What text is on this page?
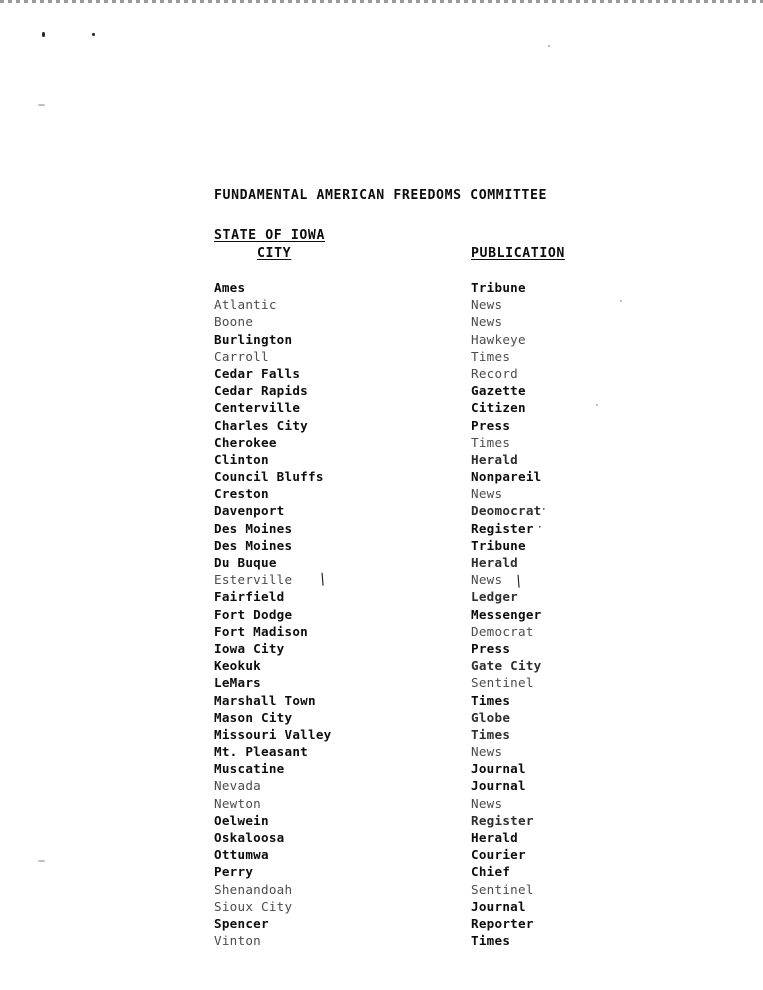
FUNDAMENTAL AMERICAN FREEDOMS COMMITTEE
STATE OF IOWA
CITY	PUBLICATION
Ames	Tribune
Atlantic	News
Boone	News
Burlington	Hawkeye
Carroll	Times
Cedar Falls	Record
Cedar Rapids	Gazette
Centerville	Citizen
Charles City	Press
Cherokee	Times
Clinton	Herald
Council Bluffs	Nonpareil
Creston	News
Davenport	Deomocrat
·
Des Moines	Register ·
Des Moines	Tribune
Du Buque	Herald
Esterville	News
/	/
Fairfield	Ledger
Fort Dodge	Messenger
Fort Madison	Democrat
Iowa City	Press
Keokuk	Gate City
LeMars	Sentinel
Marshall Town	Times
Mason City	Globe
Missouri Valley	Times
Mt. Pleasant	News
Muscatine	Journal
Nevada	Journal
Newton	News
Oelwein	Register
Oskaloosa	Herald
Ottumwa	Courier
Perry	Chief
Shenandoah	Sentinel
Sioux City	Journal
Spencer	Reporter
Vinton	Times
